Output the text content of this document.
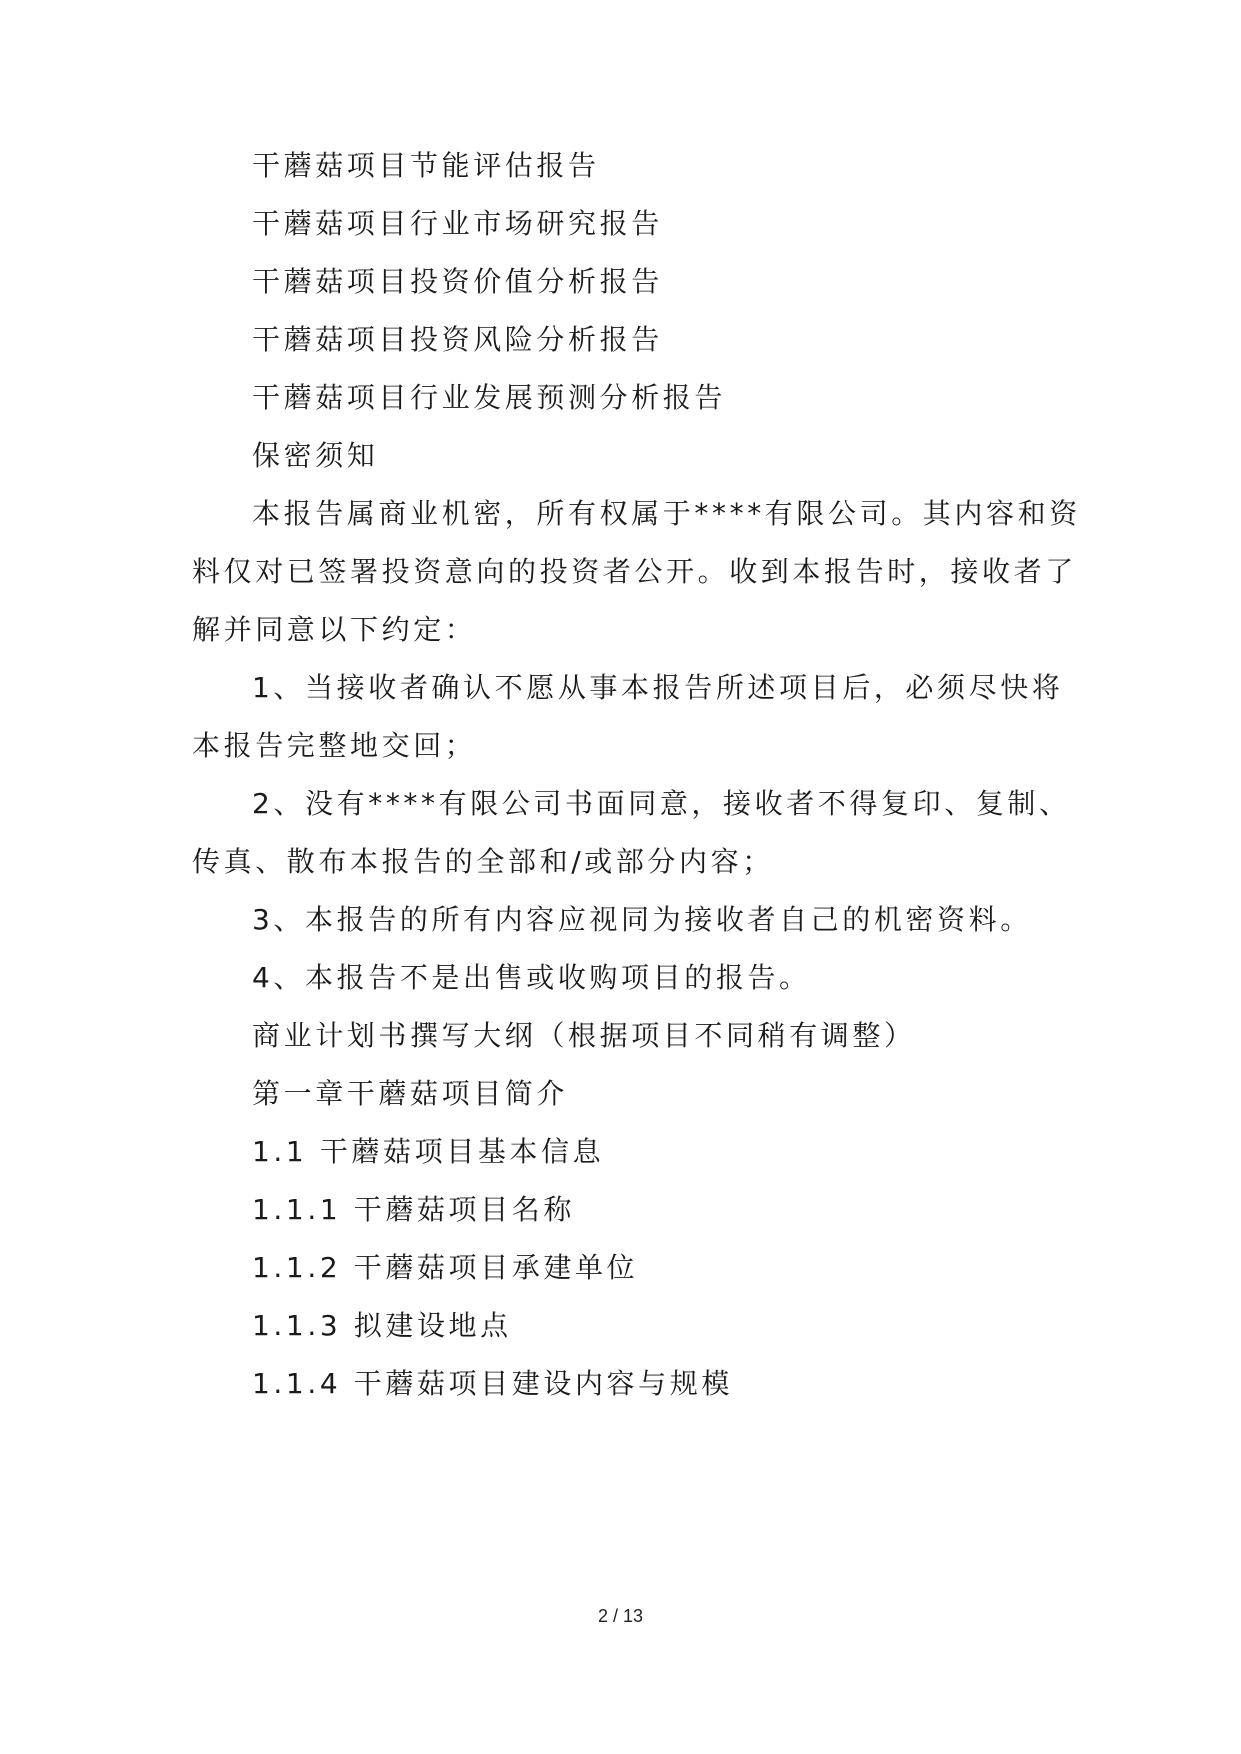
干蘑菇项目节能评估报告
干蘑菇项目行业市场研究报告
干蘑菇项目投资价值分析报告
干蘑菇项目投资风险分析报告
干蘑菇项目行业发展预测分析报告
保密须知
本报告属商业机密，所有权属于****有限公司。其内容和资
料仅对已签署投资意向的投资者公开。收到本报告时，接收者了
解并同意以下约定：
1、当接收者确认不愿从事本报告所述项目后，必须尽快将
本报告完整地交回；
2、没有****有限公司书面同意，接收者不得复印、复制、
传真、散布本报告的全部和/或部分内容；
3、本报告的所有内容应视同为接收者自己的机密资料。
4、本报告不是出售或收购项目的报告。
商业计划书撰写大纲（根据项目不同稍有调整）
第一章干蘑菇项目简介
1.1 干蘑菇项目基本信息
1.1.1 干蘑菇项目名称
1.1.2 干蘑菇项目承建单位
1.1.3 拟建设地点
1.1.4 干蘑菇项目建设内容与规模
2 / 13
